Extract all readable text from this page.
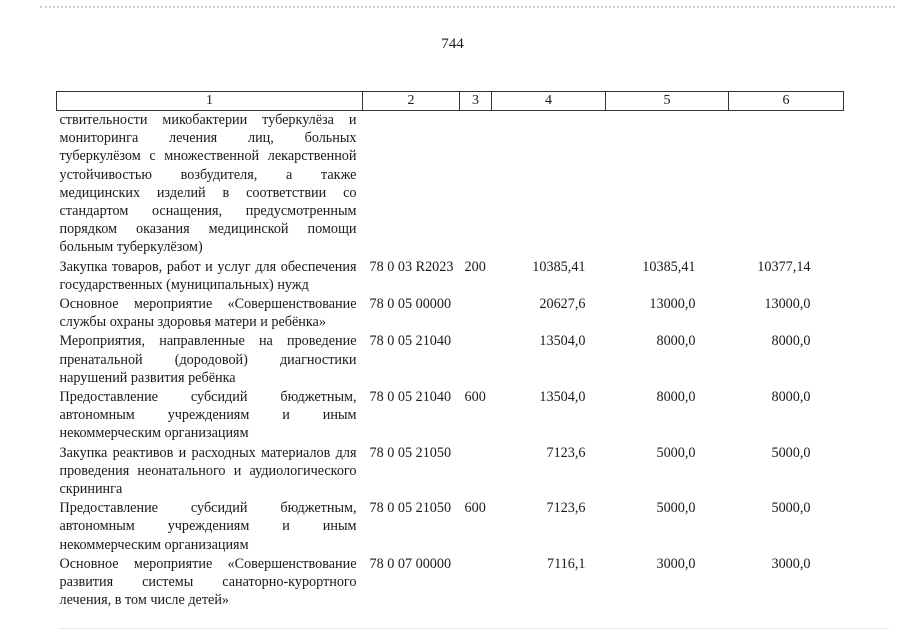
744
1	2	3	4	5	6
ствительности микобактерии туберкулёза и мониторинга лечения лиц, больных туберкулёзом с множественной лекарственной устойчивостью возбудителя, а также медицинских изделий в соответствии со стандартом оснащения, предусмотренным порядком оказания медицинской помощи больным туберкулёзом)					
Закупка товаров, работ и услуг для обеспечения государственных (муниципальных) нужд	78 0 03 R2023	200	10385,41	10385,41	10377,14
Основное мероприятие «Совершенствование службы охраны здоровья матери и ребёнка»	78 0 05 00000		20627,6	13000,0	13000,0
Мероприятия, направленные на проведение пренатальной (дородовой) диагностики нарушений развития ребёнка	78 0 05 21040		13504,0	8000,0	8000,0
Предоставление субсидий бюджетным, автономным учреждениям и иным некоммерческим организациям	78 0 05 21040	600	13504,0	8000,0	8000,0
Закупка реактивов и расходных материалов для проведения неонатального и аудиологического скрининга	78 0 05 21050		7123,6	5000,0	5000,0
Предоставление субсидий бюджетным, автономным учреждениям и иным некоммерческим организациям	78 0 05 21050	600	7123,6	5000,0	5000,0
Основное мероприятие «Совершенствование развития системы санаторно-курортного лечения, в том числе детей»	78 0 07 00000		7116,1	3000,0	3000,0
